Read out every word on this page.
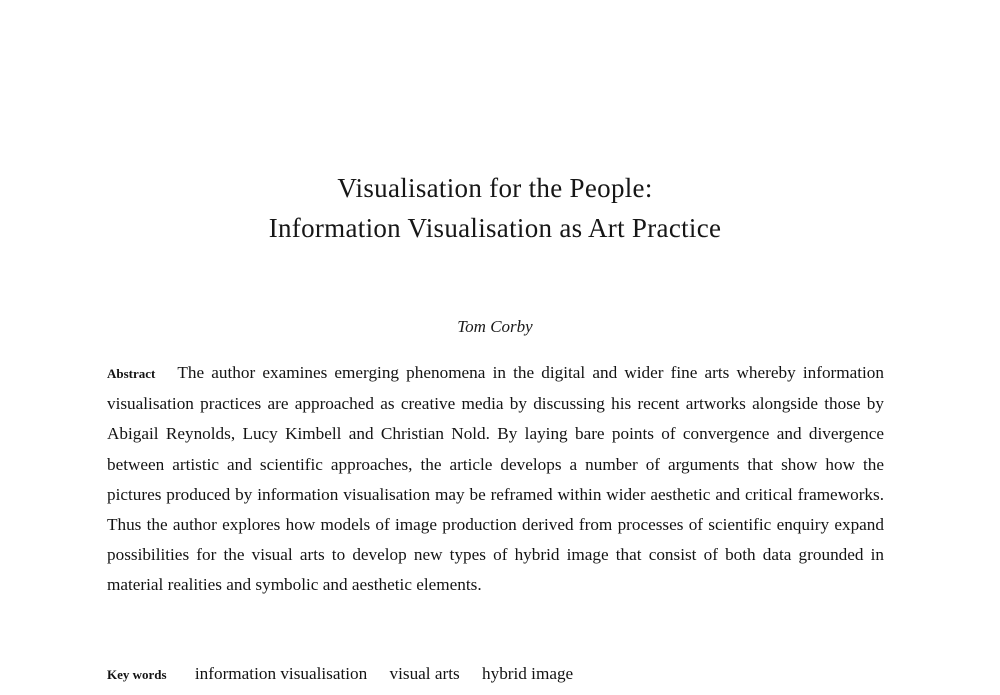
Visualisation for the People:
Information Visualisation as Art Practice
Tom Corby

Abstract The author examines emerging phenomena in the digital and wider fine arts whereby information visualisation practices are approached as creative media by discussing his recent artworks alongside those by Abigail Reynolds, Lucy Kimbell and Christian Nold. By laying bare points of convergence and divergence between artistic and scientific approaches, the article develops a number of arguments that show how the pictures produced by information visualisation may be reframed within wider aesthetic and critical frameworks. Thus the author explores how models of image production derived from processes of scientific enquiry expand possibilities for the visual arts to develop new types of hybrid image that consist of both data grounded in material realities and symbolic and aesthetic elements.

Key words information visualisation visual arts hybrid image
